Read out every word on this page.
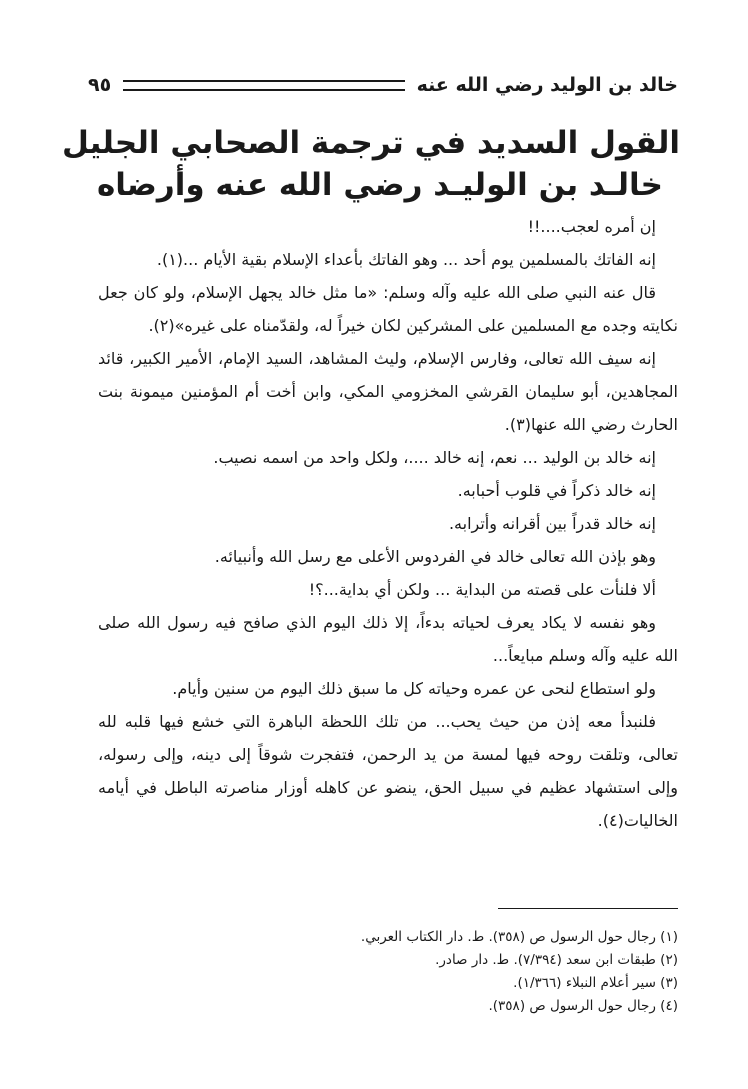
خالد بن الوليد رضي الله عنه
٩٥
القول السديد في ترجمة الصحابي الجليل
خالـد بن الوليـد رضي الله عنه وأرضاه

إن أمره لعجب....!!

إنه الفاتك بالمسلمين يوم أحد ... وهو الفاتك بأعداء الإسلام بقية الأيام ...(١).

قال عنه النبي صلى الله عليه وآله وسلم: «ما مثل خالد يجهل الإسلام، ولو كان جعل نكايته وجده مع المسلمين على المشركين لكان خيراً له، ولقدّمناه على غيره»(٢).

إنه سيف الله تعالى، وفارس الإسلام، وليث المشاهد، السيد الإمام، الأمير الكبير، قائد المجاهدين، أبو سليمان القرشي المخزومي المكي، وابن أخت أم المؤمنين ميمونة بنت الحارث رضي الله عنها(٣).

إنه خالد بن الوليد ... نعم، إنه خالد ....، ولكل واحد من اسمه نصيب.

إنه خالد ذكراً في قلوب أحبابه.

إنه خالد قدراً بين أقرانه وأترابه.

وهو بإذن الله تعالى خالد في الفردوس الأعلى مع رسل الله وأنبيائه.

ألا فلنأت على قصته من البداية ... ولكن أي بداية...؟!

وهو نفسه لا يكاد يعرف لحياته بدءاً، إلا ذلك اليوم الذي صافح فيه رسول الله صلى الله عليه وآله وسلم مبايعاً...

ولو استطاع لنحى عن عمره وحياته كل ما سبق ذلك اليوم من سنين وأيام.

فلنبدأ معه إذن من حيث يحب... من تلك اللحظة الباهرة التي خشع فيها قلبه لله تعالى، وتلقت روحه فيها لمسة من يد الرحمن، فتفجرت شوقاً إلى دينه، وإلى رسوله، وإلى استشهاد عظيم في سبيل الحق، ينضو عن كاهله أوزار مناصرته الباطل في أيامه الخاليات(٤).

(١) رجال حول الرسول ص (٣٥٨). ط. دار الكتاب العربي.
(٢) طبقات ابن سعد (٧/٣٩٤). ط. دار صادر.
(٣) سير أعلام النبلاء (١/٣٦٦).
(٤) رجال حول الرسول ص (٣٥٨).
